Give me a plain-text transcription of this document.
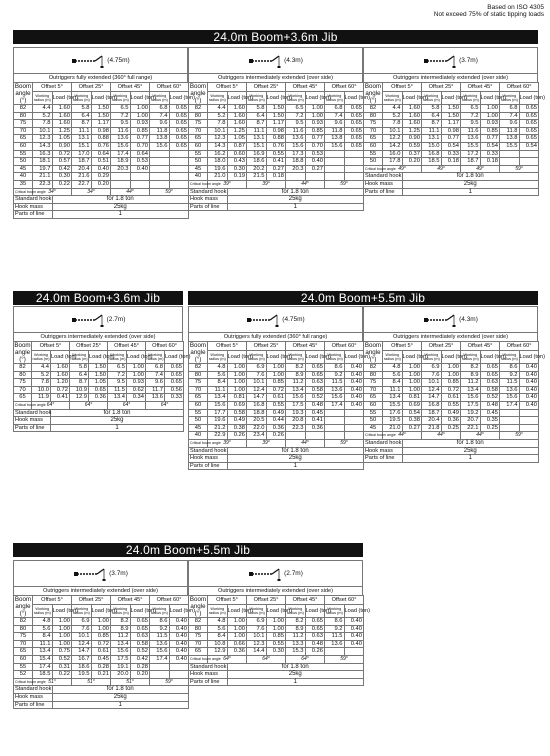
Based on ISO 4305
Not exceed 75% of static tipping loads
24.0m Boom+3.6m Jib
(4.75m)
Outriggers fully extended (360° full range)
Boom angle (°)	Offset 5°		Offset 25°		Offset 45°		Offset 60°	
	Working radius (m)	Load (ton)	Working radius (m)	Load (ton)	Working radius (m)	Load (ton)	Working radius (m)	Load (ton)
82	4.4	1.60	5.8	1.50	6.5	1.00	6.8	0.65
80	5.2	1.60	6.4	1.50	7.2	1.00	7.4	0.65
75	7.8	1.60	8.7	1.17	9.5	0.93	9.6	0.65
70	10.1	1.25	11.1	0.98	11.6	0.85	11.8	0.65
65	12.3	1.05	13.1	0.88	13.6	0.77	13.8	0.65
60	14.3	0.90	15.1	0.76	15.6	0.70	15.6	0.65
55	16.3	0.72	17.0	0.64	17.4	0.64		
50	18.1	0.57	18.7	0.51	18.9	0.53		
45	19.7	0.42	20.4	0.40	20.3	0.40		
40	21.1	0.30	21.6	0.29				
35	22.3	0.22	22.7	0.20				
Critical boom angle	34°		34°		44°		59°	
Standard hook		for 1.8 ton						
Hook mass		25kg						
Parts of line		1						
(4.3m)
Outriggers intermediately extended (over side)
Boom angle (°)	Offset 5°		Offset 25°		Offset 45°		Offset 60°	
	Working radius (m)	Load (ton)	Working radius (m)	Load (ton)	Working radius (m)	Load (ton)	Working radius (m)	Load (ton)
82	4.4	1.60	5.8	1.50	6.5	1.00	6.8	0.65
80	5.2	1.60	6.4	1.50	7.2	1.00	7.4	0.65
75	7.8	1.60	8.7	1.17	9.5	0.93	9.6	0.65
70	10.1	1.25	11.1	0.98	11.6	0.85	11.8	0.65
65	12.3	1.05	13.1	0.88	13.6	0.77	13.8	0.65
60	14.3	0.87	15.1	0.76	15.6	0.70	15.6	0.65
55	16.2	0.60	16.9	0.55	17.3	0.53		
50	18.0	0.43	18.6	0.41	18.8	0.40		
45	19.6	0.30	20.2	0.27	20.3	0.27		
40	21.0	0.19	21.5	0.18				
Critical boom angle	39°		39°		44°		59°	
Standard hook		for 1.8 ton						
Hook mass		25kg						
Parts of line		1						
(3.7m)
Outriggers intermediately extended (over side)
Boom angle (°)	Offset 5°		Offset 25°		Offset 45°		Offset 60°	
	Working radius (m)	Load (ton)	Working radius (m)	Load (ton)	Working radius (m)	Load (ton)	Working radius (m)	Load (ton)
82	4.4	1.60	5.8	1.50	6.5	1.00	6.8	0.65
80	5.2	1.60	6.4	1.50	7.2	1.00	7.4	0.65
75	7.8	1.60	8.7	1.17	9.5	0.93	9.6	0.65
70	10.1	1.25	11.1	0.98	11.6	0.85	11.8	0.65
65	12.2	0.90	13.1	0.77	13.6	0.77	13.8	0.65
60	14.2	0.59	15.0	0.54	15.5	0.54	15.5	0.54
55	16.0	0.37	16.8	0.33	17.2	0.33		
50	17.8	0.20	18.5	0.18	18.7	0.18		
Critical boom angle	49°		49°		49°		59°	
Standard hook		for 1.8 ton						
Hook mass		25kg						
Parts of line		1						
24.0m Boom+3.6m Jib
(2.7m)
Outriggers intermediately extended (over side)
Boom angle (°)	Offset 5°		Offset 25°		Offset 45°		Offset 60°	
	Working radius (m)	Load (ton)	Working radius (m)	Load (ton)	Working radius (m)	Load (ton)	Working radius (m)	Load (ton)
82	4.4	1.60	5.8	1.50	6.5	1.00	6.8	0.65
80	5.2	1.60	6.4	1.50	7.2	1.00	7.4	0.65
75	7.8	1.20	8.7	1.05	9.5	0.93	9.6	0.65
70	10.0	0.72	10.9	0.65	11.5	0.62	11.7	0.56
65	11.9	0.41	12.9	0.36	13.4	0.34	13.6	0.33
Critical boom angle	64°		64°		64°		64°	
Standard hook		for 1.8 ton						
Hook mass		25kg						
Parts of line		1						
24.0m Boom+5.5m Jib
(4.75m)
Outriggers fully extended (360° full range)
Boom angle (°)	Offset 5°		Offset 25°		Offset 45°		Offset 60°	
	Working radius (m)	Load (ton)	Working radius (m)	Load (ton)	Working radius (m)	Load (ton)	Working radius (m)	Load (ton)
82	4.8	1.00	6.9	1.00	8.2	0.65	8.6	0.40
80	5.6	1.00	7.6	1.00	8.9	0.65	9.2	0.40
75	8.4	1.00	10.1	0.85	11.2	0.63	11.5	0.40
70	11.1	1.00	12.4	0.72	13.4	0.58	13.6	0.40
65	13.4	0.81	14.7	0.61	15.6	0.52	15.6	0.40
60	15.6	0.69	16.8	0.55	17.5	0.48	17.4	0.40
55	17.7	0.58	18.8	0.49	19.3	0.45		
50	19.6	0.49	20.5	0.44	20.8	0.41		
45	21.2	0.38	22.0	0.36	22.3	0.36		
40	22.9	0.26	23.4	0.26				
Critical boom angle	39°		39°		44°		59°	
Standard hook		for 1.8 ton						
Hook mass		25kg						
Parts of line		1						
(4.3m)
Outriggers intermediately extended (over side)
Boom angle (°)	Offset 5°		Offset 25°		Offset 45°		Offset 60°	
	Working radius (m)	Load (ton)	Working radius (m)	Load (ton)	Working radius (m)	Load (ton)	Working radius (m)	Load (ton)
82	4.8	1.00	6.9	1.00	8.2	0.65	8.6	0.40
80	5.6	1.00	7.6	1.00	8.9	0.65	9.2	0.40
75	8.4	1.00	10.1	0.85	11.2	0.63	11.5	0.40
70	11.1	1.00	12.4	0.72	13.4	0.58	13.6	0.40
65	13.4	0.81	14.7	0.61	15.6	0.52	15.6	0.40
60	15.5	0.69	16.8	0.55	17.5	0.48	17.4	0.40
55	17.6	0.54	18.7	0.49	19.2	0.45		
50	19.5	0.38	20.4	0.36	20.7	0.35		
45	21.0	0.27	21.8	0.25	22.1	0.25		
Critical boom angle	44°		44°		44°		59°	
Standard hook		for 1.8 ton						
Hook mass		25kg						
Parts of line		1						
24.0m Boom+5.5m Jib
(3.7m)
Outriggers intermediately extended (over side)
Boom angle (°)	Offset 5°		Offset 25°		Offset 45°		Offset 60°	
	Working radius (m)	Load (ton)	Working radius (m)	Load (ton)	Working radius (m)	Load (ton)	Working radius (m)	Load (ton)
82	4.8	1.00	6.9	1.00	8.2	0.65	8.6	0.40
80	5.6	1.00	7.6	1.00	8.9	0.65	9.2	0.40
75	8.4	1.00	10.1	0.85	11.2	0.63	11.5	0.40
70	11.1	1.00	12.4	0.72	13.4	0.58	13.6	0.40
65	13.4	0.75	14.7	0.61	15.6	0.52	15.6	0.40
60	15.4	0.52	16.7	0.45	17.5	0.42	17.4	0.40
55	17.4	0.31	18.6	0.28	19.1	0.28		
52	18.5	0.22	19.5	0.21	20.0	0.20		
Critical boom angle	51°		51°		51°		59°	
Standard hook		for 1.8 ton						
Hook mass		25kg						
Parts of line		1						
(2.7m)
Outriggers intermediately extended (over side)
Boom angle (°)	Offset 5°		Offset 25°		Offset 45°		Offset 60°	
	Working radius (m)	Load (ton)	Working radius (m)	Load (ton)	Working radius (m)	Load (ton)	Working radius (m)	Load (ton)
82	4.8	1.00	6.9	1.00	8.2	0.65	8.6	0.40
80	5.6	1.00	7.6	1.00	8.9	0.65	9.2	0.40
75	8.4	1.00	10.1	0.85	11.2	0.63	11.5	0.40
70	10.8	0.66	12.3	0.55	13.3	0.48	13.6	0.40
65	12.9	0.36	14.4	0.30	15.3	0.26		
Critical boom angle	64°		64°		64°		59°	
Standard hook		for 1.8 ton						
Hook mass		25kg						
Parts of line		1						
